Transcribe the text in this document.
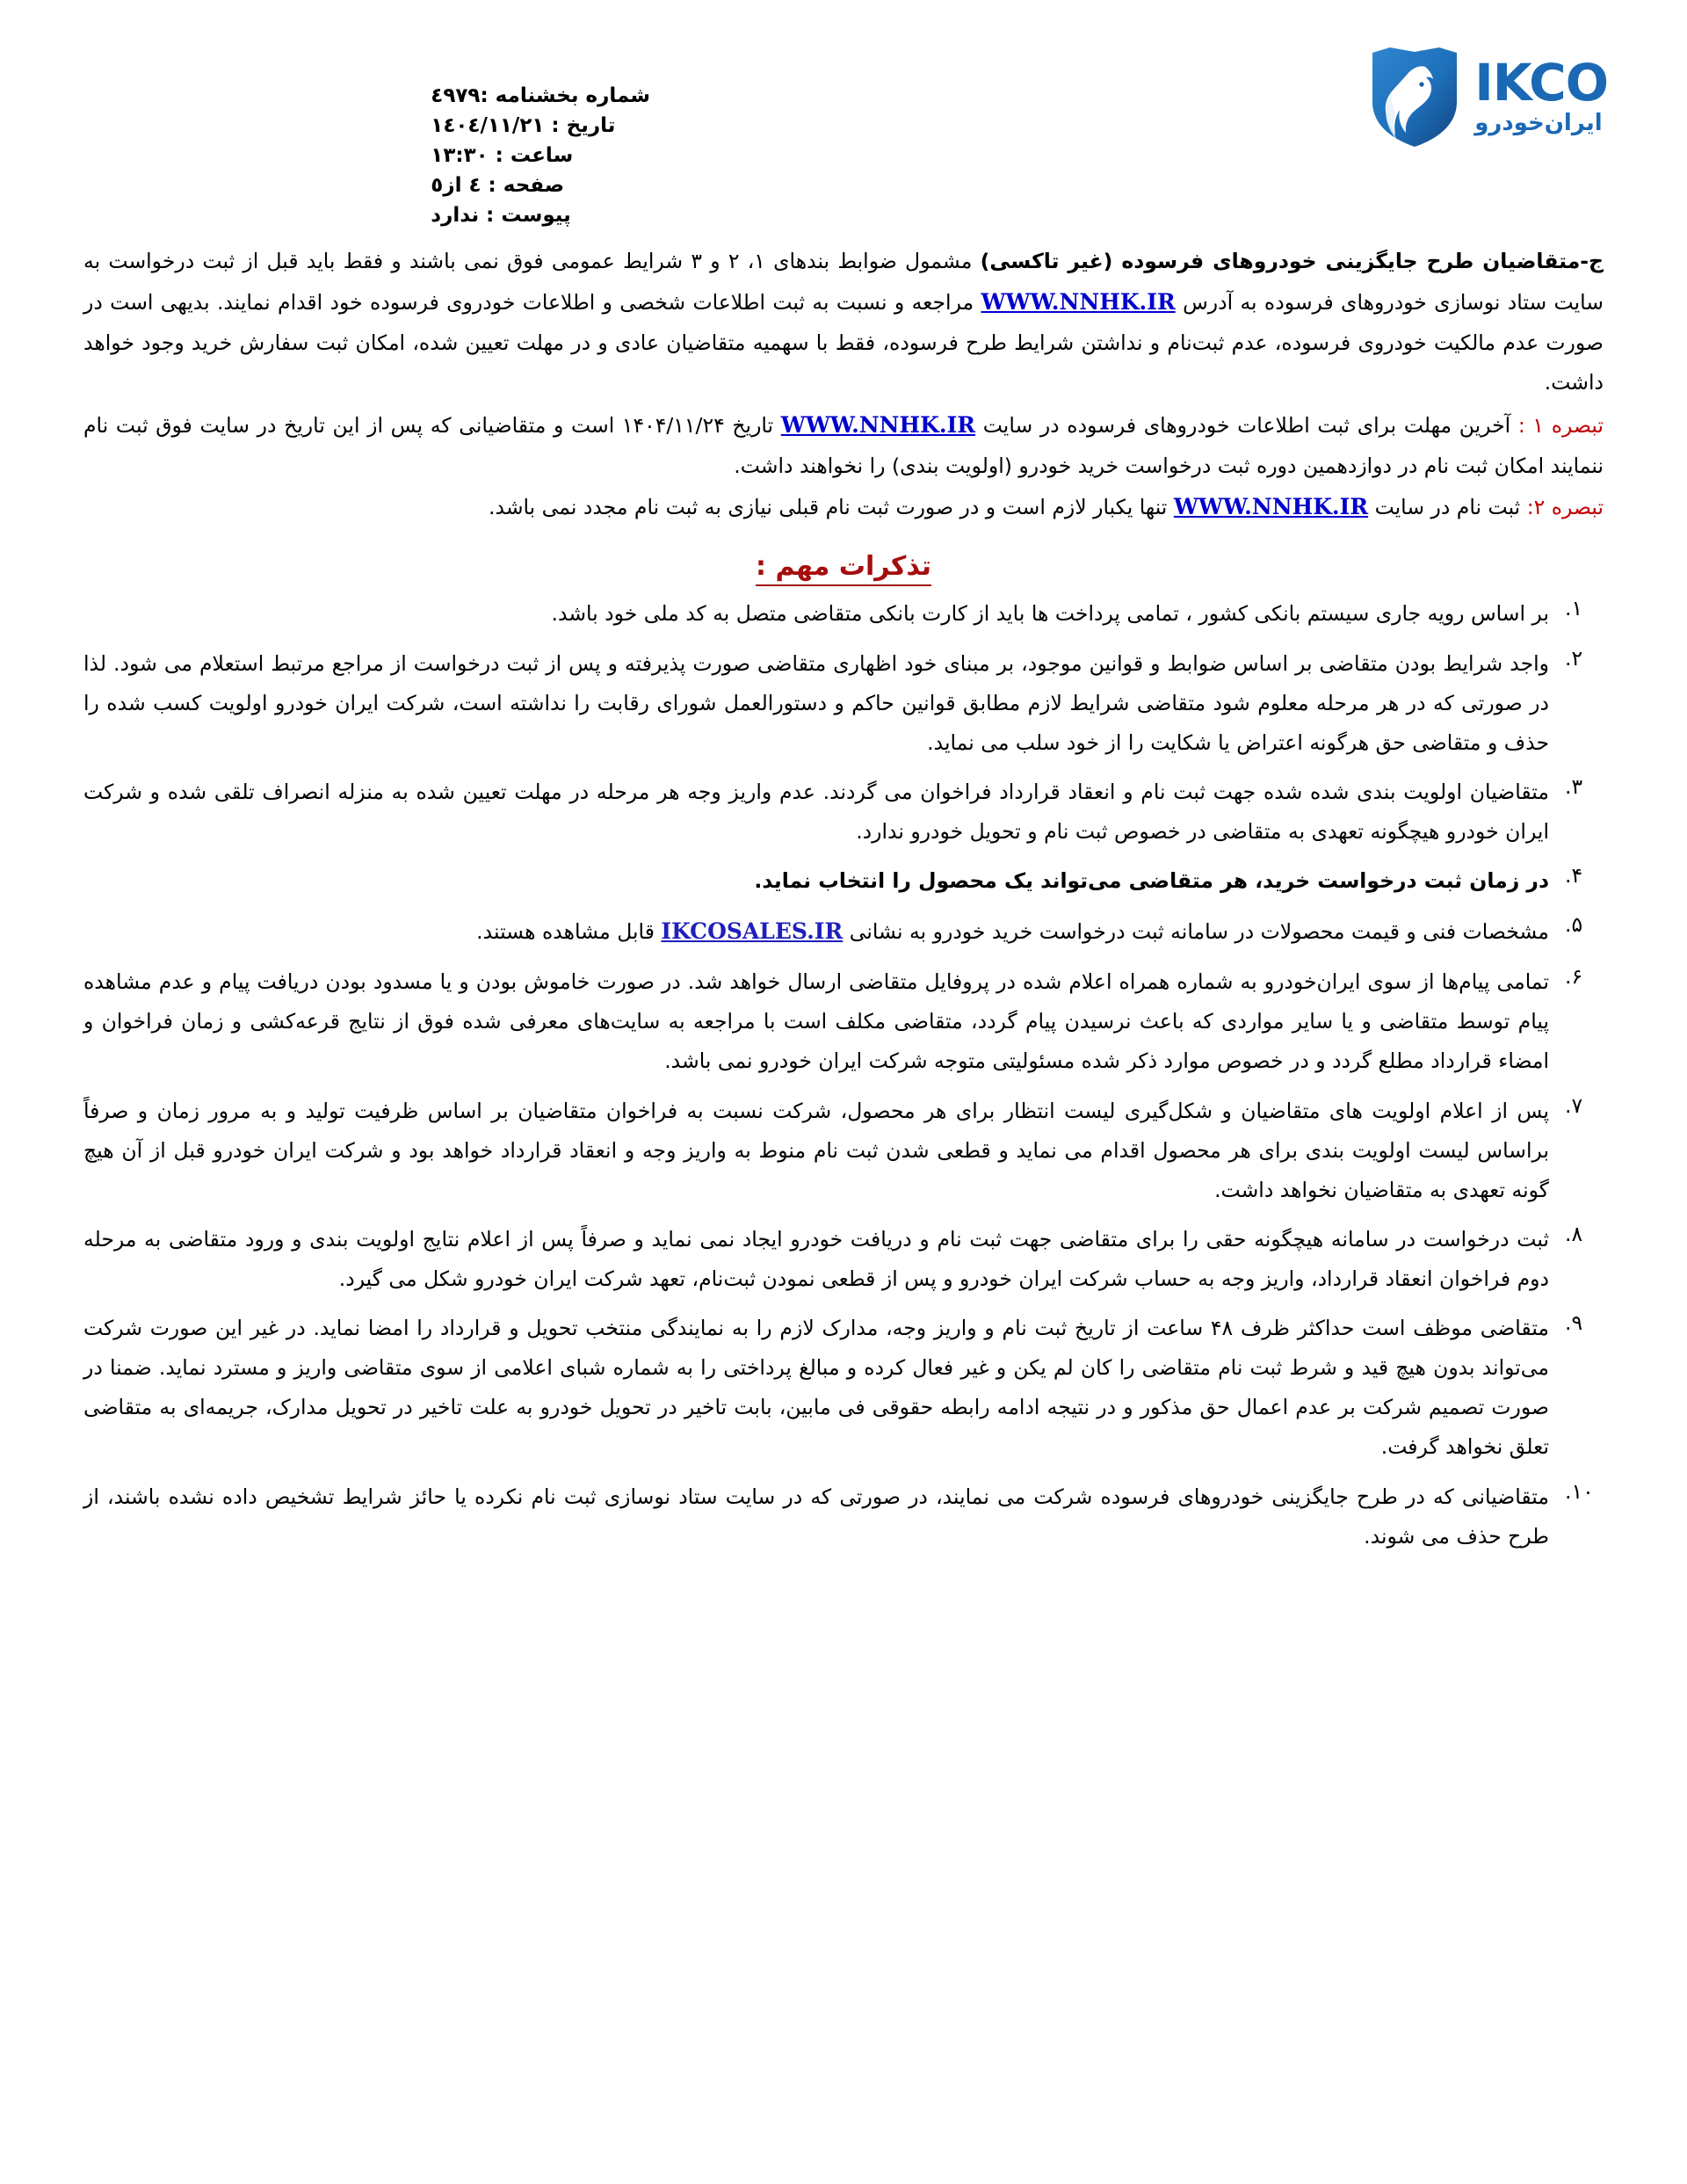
شماره بخشنامه :٤٩٧٩
تاریخ : ١٤٠٤/١١/٢١
ساعت : ١٣:٣٠
صفحه : ٤ از٥
پیوست : ندارد
IKCO
ایران‌خودرو

ج-متقاضیان طرح جایگزینی خودروهای فرسوده (غیر تاکسی) مشمول ضوابط بندهای ۱، ۲ و ۳ شرایط عمومی فوق نمی باشند و فقط باید قبل از ثبت درخواست به سایت ستاد نوسازی خودروهای فرسوده به آدرس WWW.NNHK.IR مراجعه و نسبت به ثبت اطلاعات شخصی و اطلاعات خودروی فرسوده خود اقدام نمایند. بدیهی است در صورت عدم مالکیت خودروی فرسوده، عدم ثبت‌نام و نداشتن شرایط طرح فرسوده، فقط با سهمیه متقاضیان عادی و در مهلت تعیین شده، امکان ثبت سفارش خرید وجود خواهد داشت.

تبصره ۱ : آخرین مهلت برای ثبت اطلاعات خودروهای فرسوده در سایت WWW.NNHK.IR تاریخ ۱۴۰۴/۱۱/۲۴ است و متقاضیانی که پس از این تاریخ در سایت فوق ثبت نام ننمایند امکان ثبت نام در دوازدهمین دوره ثبت درخواست خرید خودرو (اولویت بندی) را نخواهند داشت.

تبصره ۲: ثبت نام در سایت WWW.NNHK.IR تنها یکبار لازم است و در صورت ثبت نام قبلی نیازی به ثبت نام مجدد نمی باشد.

تذکرات مهم :
۱.
بر اساس رویه جاری سیستم بانکی کشور ، تمامی پرداخت ها باید از کارت بانکی متقاضی متصل به کد ملی خود باشد.
۲.
واجد شرایط بودن متقاضی بر اساس ضوابط و قوانین موجود، بر مبنای خود اظهاری متقاضی صورت پذیرفته و پس از ثبت درخواست از مراجع مرتبط استعلام می شود. لذا در صورتی که در هر مرحله معلوم شود متقاضی شرایط لازم مطابق قوانین حاکم و دستورالعمل شورای رقابت را نداشته است، شرکت ایران خودرو اولویت کسب شده را حذف و متقاضی حق هرگونه اعتراض یا شکایت را از خود سلب می نماید.
۳.
متقاضیان اولویت بندی شده شده جهت ثبت نام و انعقاد قرارداد فراخوان می گردند. عدم واریز وجه هر مرحله در مهلت تعیین شده به منزله انصراف تلقی شده و شرکت ایران خودرو هیچگونه تعهدی به متقاضی در خصوص ثبت نام و تحویل خودرو ندارد.
۴.
در زمان ثبت درخواست خرید، هر متقاضی می‌تواند یک محصول را انتخاب نماید.
۵.
مشخصات فنی و قیمت محصولات در سامانه ثبت درخواست خرید خودرو به نشانی IKCOSALES.IR قابل مشاهده هستند.
۶.
تمامی پیام‌ها از سوی ایران‌خودرو به شماره همراه اعلام شده در پروفایل متقاضی ارسال خواهد شد. در صورت خاموش بودن و یا مسدود بودن دریافت پیام و عدم مشاهده پیام توسط متقاضی و یا سایر مواردی که باعث نرسیدن پیام گردد، متقاضی مکلف است با مراجعه به سایت‌های معرفی شده فوق از نتایج قرعه‌کشی و زمان فراخوان و امضاء قرارداد مطلع گردد و در خصوص موارد ذکر شده مسئولیتی متوجه شرکت ایران خودرو نمی باشد.
۷.
پس از اعلام اولویت های متقاضیان و شکل‌گیری لیست انتظار برای هر محصول، شرکت نسبت به فراخوان متقاضیان بر اساس ظرفیت تولید و به مرور زمان و صرفاً براساس لیست اولویت بندی برای هر محصول اقدام می نماید و قطعی شدن ثبت نام منوط به واریز وجه و انعقاد قرارداد خواهد بود و شرکت ایران خودرو قبل از آن هیچ گونه تعهدی به متقاضیان نخواهد داشت.
۸.
ثبت درخواست در سامانه هیچگونه حقی را برای متقاضی جهت ثبت نام و دریافت خودرو ایجاد نمی نماید و صرفاً پس از اعلام نتایج اولویت بندی و ورود متقاضی به مرحله دوم فراخوان انعقاد قرارداد، واریز وجه به حساب شرکت ایران خودرو و پس از قطعی نمودن ثبت‌نام، تعهد شرکت ایران خودرو شکل می گیرد.
۹.
متقاضی موظف است حداکثر ظرف ۴۸ ساعت از تاریخ ثبت نام و واریز وجه، مدارک لازم را به نمایندگی منتخب تحویل و قرارداد را امضا نماید. در غیر این صورت شرکت می‌تواند بدون هیچ قید و شرط ثبت نام متقاضی را کان لم یکن و غیر فعال کرده و مبالغ پرداختی را به شماره شبای اعلامی از سوی متقاضی واریز و مسترد نماید. ضمنا در صورت تصمیم شرکت بر عدم اعمال حق مذکور و در نتیجه ادامه رابطه حقوقی فی مابین، بابت تاخیر در تحویل خودرو به علت تاخیر در تحویل مدارک، جریمه‌ای به متقاضی تعلق نخواهد گرفت.
۱۰.
متقاضیانی که در طرح جایگزینی خودروهای فرسوده شرکت می نمایند، در صورتی که در سایت ستاد نوسازی ثبت نام نکرده یا حائز شرایط تشخیص داده نشده باشند، از طرح حذف می شوند.
